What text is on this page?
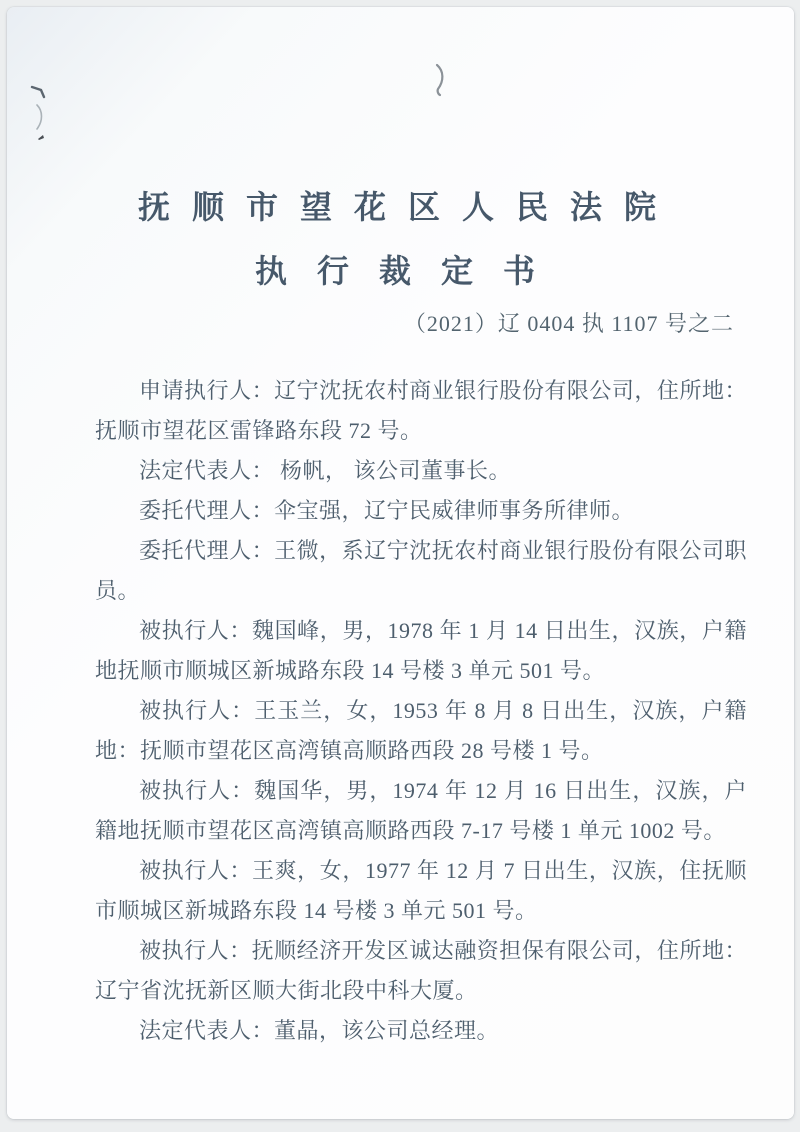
抚 顺 市 望 花 区 人 民 法 院
执 行 裁 定 书
（2021）辽 0404 执 1107 号之二

申请执行人：辽宁沈抚农村商业银行股份有限公司，住所地：抚顺市望花区雷锋路东段 72 号。

法定代表人： 杨帆， 该公司董事长。

委托代理人：伞宝强，辽宁民威律师事务所律师。

委托代理人：王微，系辽宁沈抚农村商业银行股份有限公司职员。

被执行人：魏国峰，男，1978 年 1 月 14 日出生，汉族，户籍地抚顺市顺城区新城路东段 14 号楼 3 单元 501 号。

被执行人：王玉兰，女，1953 年 8 月 8 日出生，汉族，户籍地：抚顺市望花区高湾镇高顺路西段 28 号楼 1 号。

被执行人：魏国华，男，1974 年 12 月 16 日出生，汉族，户籍地抚顺市望花区高湾镇高顺路西段 7-17 号楼 1 单元 1002 号。

被执行人：王爽，女，1977 年 12 月 7 日出生，汉族，住抚顺市顺城区新城路东段 14 号楼 3 单元 501 号。

被执行人：抚顺经济开发区诚达融资担保有限公司，住所地：辽宁省沈抚新区顺大街北段中科大厦。

法定代表人：董晶，该公司总经理。
